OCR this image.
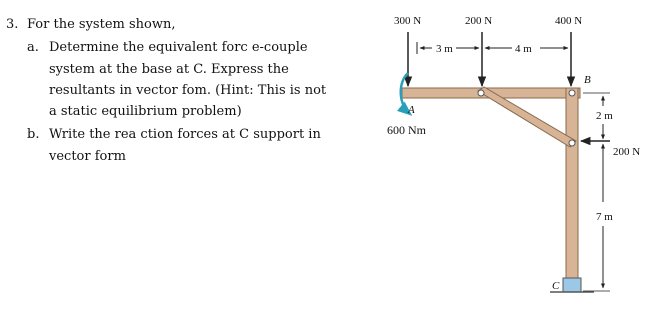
3. For the system shown,
a. Determine the equivalent forc e-couple
system at the base at C. Express the
resultants in vector fom. (Hint: This is not
a static equilibrium problem)
b. Write the rea ction forces at C support in
vector form
300 N	200 N	400 N
200 N
3 m	4 m
2 m
7 m
600 Nm
A
B
C
